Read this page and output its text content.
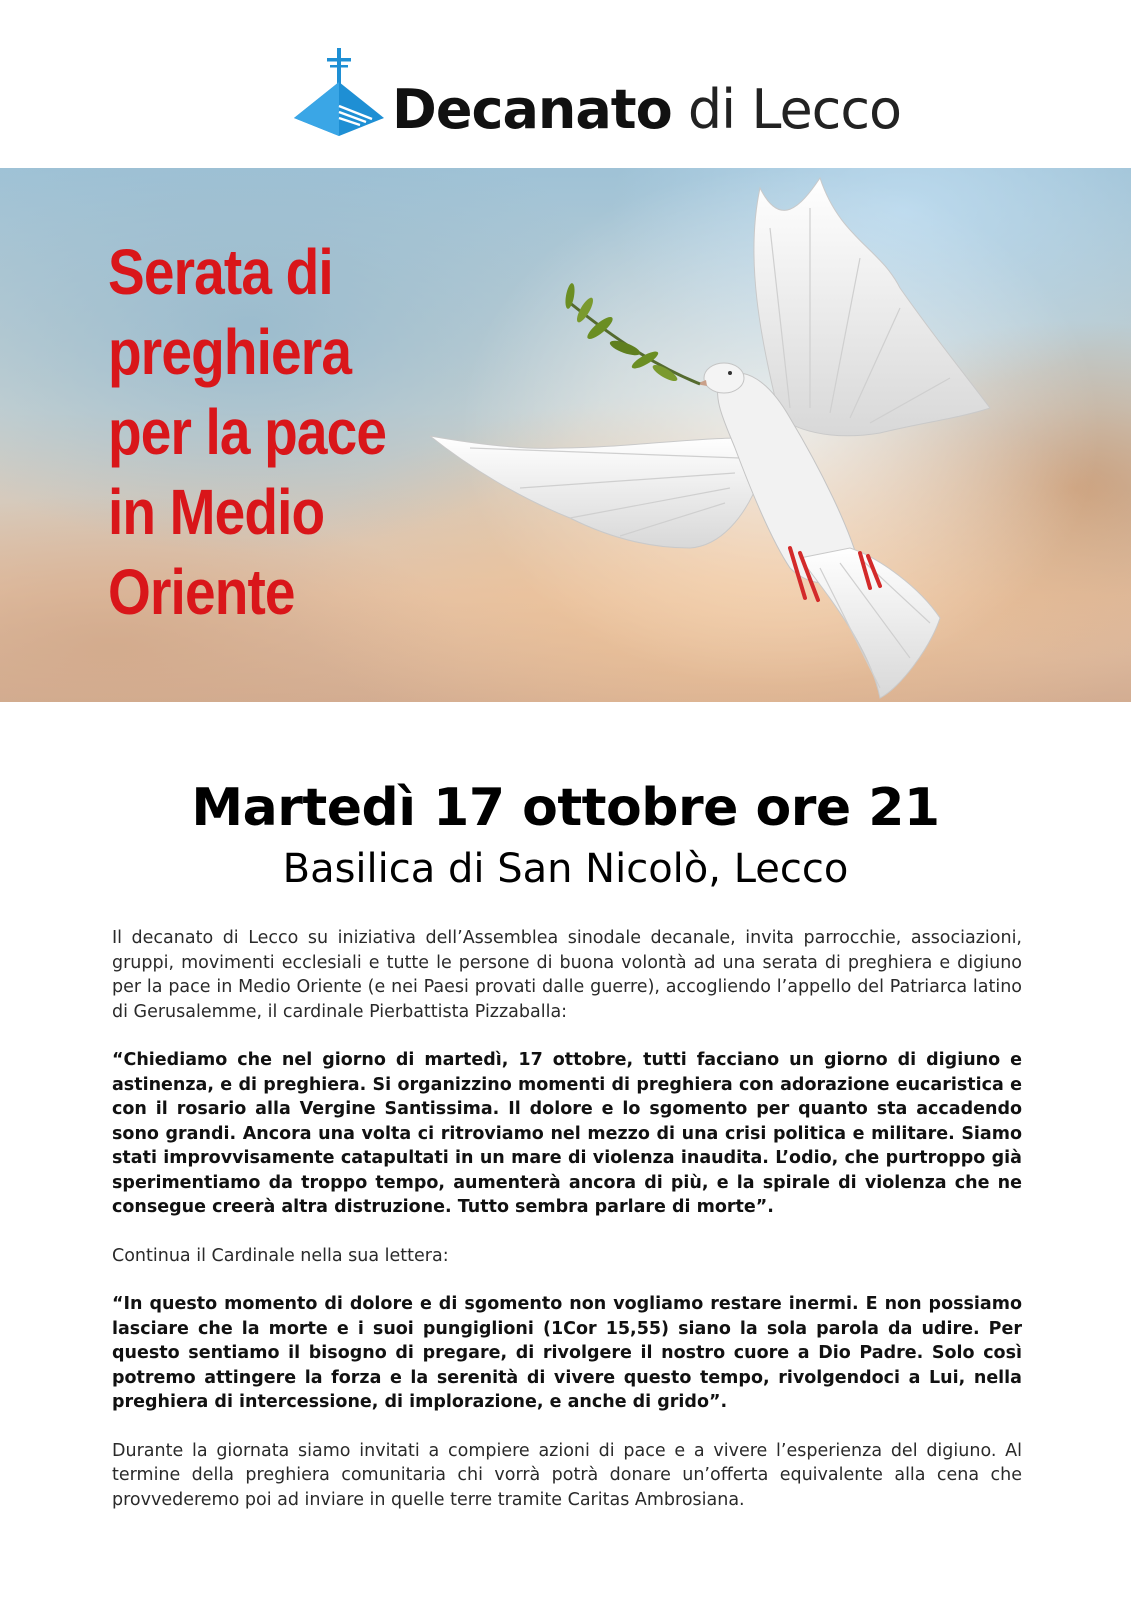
Decanato di Lecco
Serata di
preghiera
per la pace
in Medio
Oriente
Martedì 17 ottobre ore 21
Basilica di San Nicolò, Lecco

Il decanato di Lecco su iniziativa dell’Assemblea sinodale decanale, invita parrocchie, associazioni, gruppi, movimenti ecclesiali e tutte le persone di buona volontà ad una serata di preghiera e digiuno per la pace in Medio Oriente (e nei Paesi provati dalle guerre), accogliendo l’appello del Patriarca latino di Gerusalemme, il cardinale Pierbattista Pizzaballa:

“Chiediamo che nel giorno di martedì, 17 ottobre, tutti facciano un giorno di digiuno e astinenza, e di preghiera. Si organizzino momenti di preghiera con adorazione eucaristica e con il rosario alla Vergine Santissima. Il dolore e lo sgomento per quanto sta accadendo sono grandi. Ancora una volta ci ritroviamo nel mezzo di una crisi politica e militare. Siamo stati improvvisamente catapultati in un mare di violenza inaudita. L’odio, che purtroppo già sperimentiamo da troppo tempo, aumenterà ancora di più, e la spirale di violenza che ne consegue creerà altra distruzione. Tutto sembra parlare di morte”.

Continua il Cardinale nella sua lettera:

“In questo momento di dolore e di sgomento non vogliamo restare inermi. E non possiamo lasciare che la morte e i suoi pungiglioni (1Cor 15,55) siano la sola parola da udire. Per questo sentiamo il bisogno di pregare, di rivolgere il nostro cuore a Dio Padre. Solo così potremo attingere la forza e la serenità di vivere questo tempo, rivolgendoci a Lui, nella preghiera di intercessione, di implorazione, e anche di grido”.

Durante la giornata siamo invitati a compiere azioni di pace e a vivere l’esperienza del digiuno. Al termine della preghiera comunitaria chi vorrà potrà donare un’offerta equivalente alla cena che provvederemo poi ad inviare in quelle terre tramite Caritas Ambrosiana.
